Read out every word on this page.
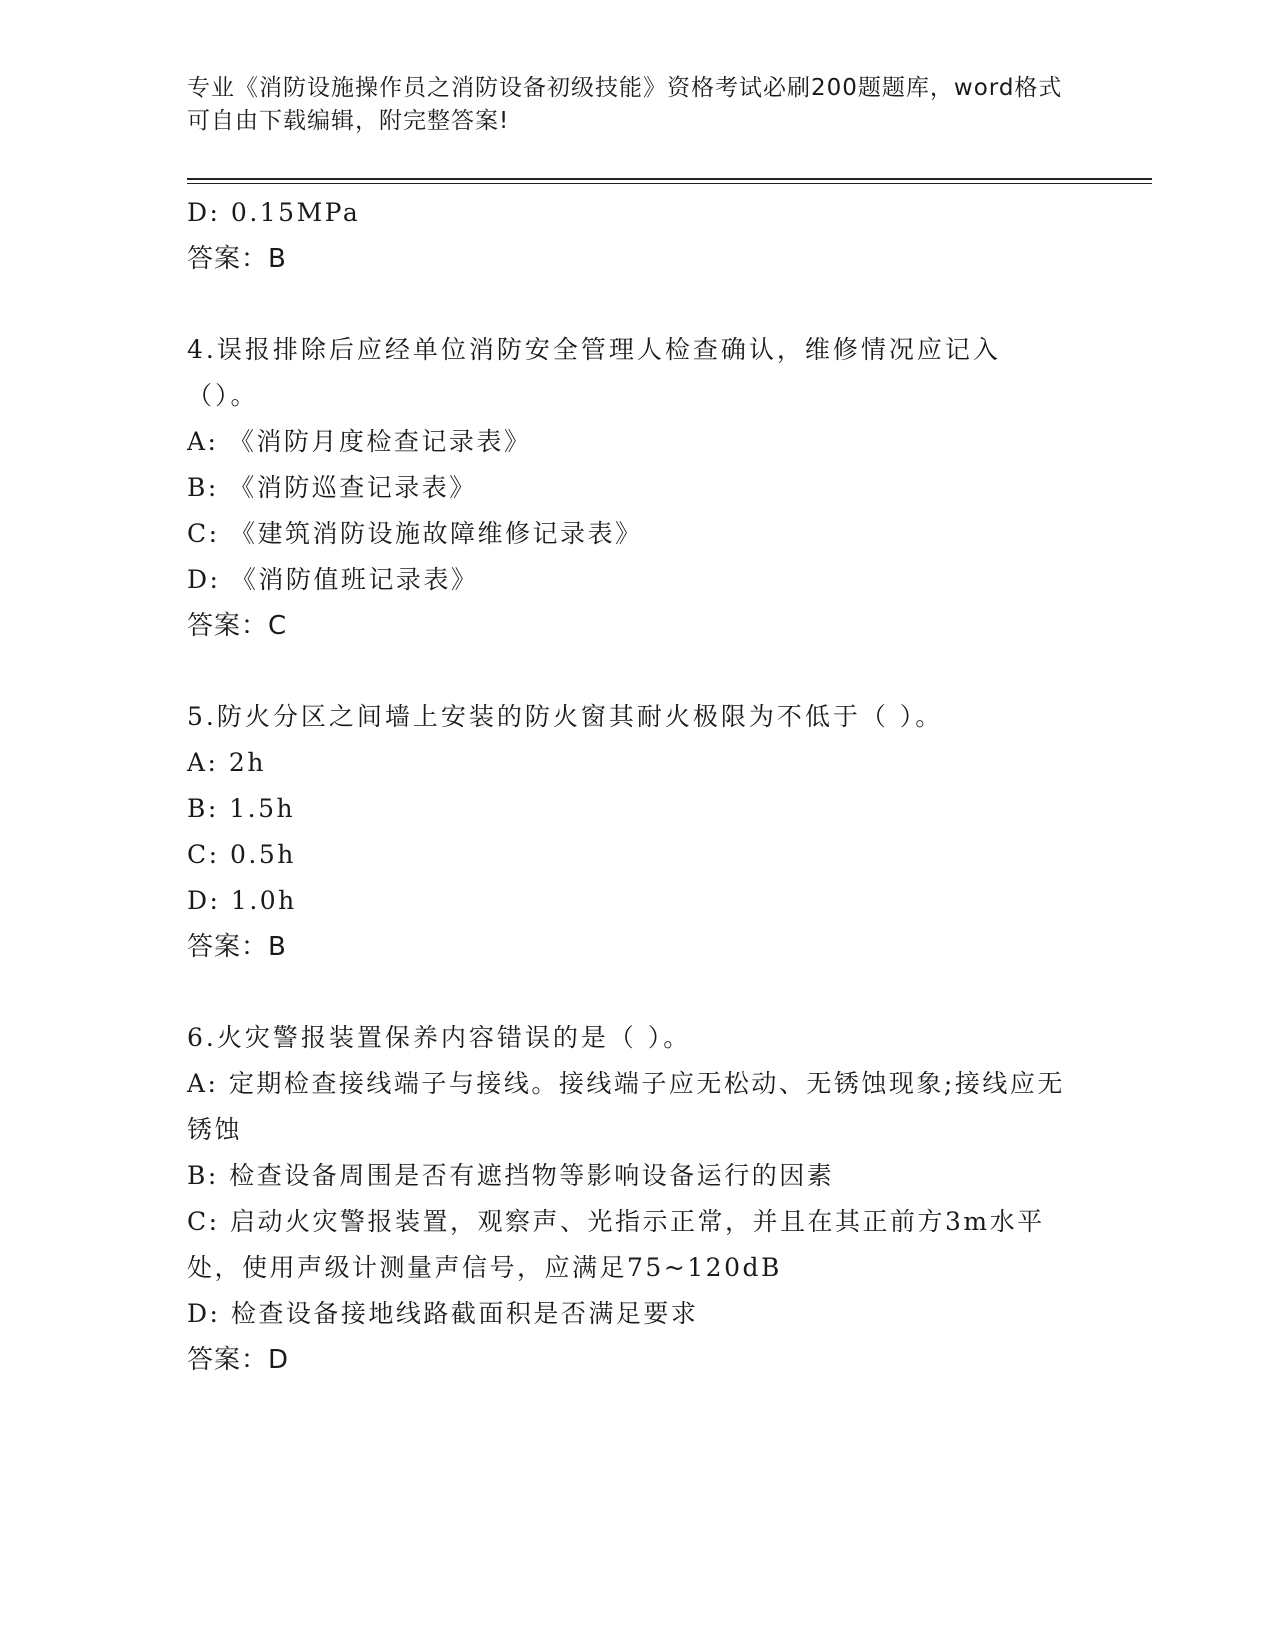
专业《消防设施操作员之消防设备初级技能》资格考试必刷200题题库，word格式可自由下载编辑，附完整答案!
D: 0.15MPa
答案：B
4.误报排除后应经单位消防安全管理人检查确认，维修情况应记入（）。
A: 《消防月度检查记录表》
B: 《消防巡查记录表》
C: 《建筑消防设施故障维修记录表》
D: 《消防值班记录表》
答案：C
5.防火分区之间墙上安装的防火窗其耐火极限为不低于（ ）。
A: 2h
B: 1.5h
C: 0.5h
D: 1.0h
答案：B
6.火灾警报装置保养内容错误的是（ ）。
A: 定期检查接线端子与接线。接线端子应无松动、无锈蚀现象;接线应无锈蚀
B: 检查设备周围是否有遮挡物等影响设备运行的因素
C: 启动火灾警报装置，观察声、光指示正常，并且在其正前方3m水平处，使用声级计测量声信号，应满足75~120dB
D: 检查设备接地线路截面积是否满足要求
答案：D
